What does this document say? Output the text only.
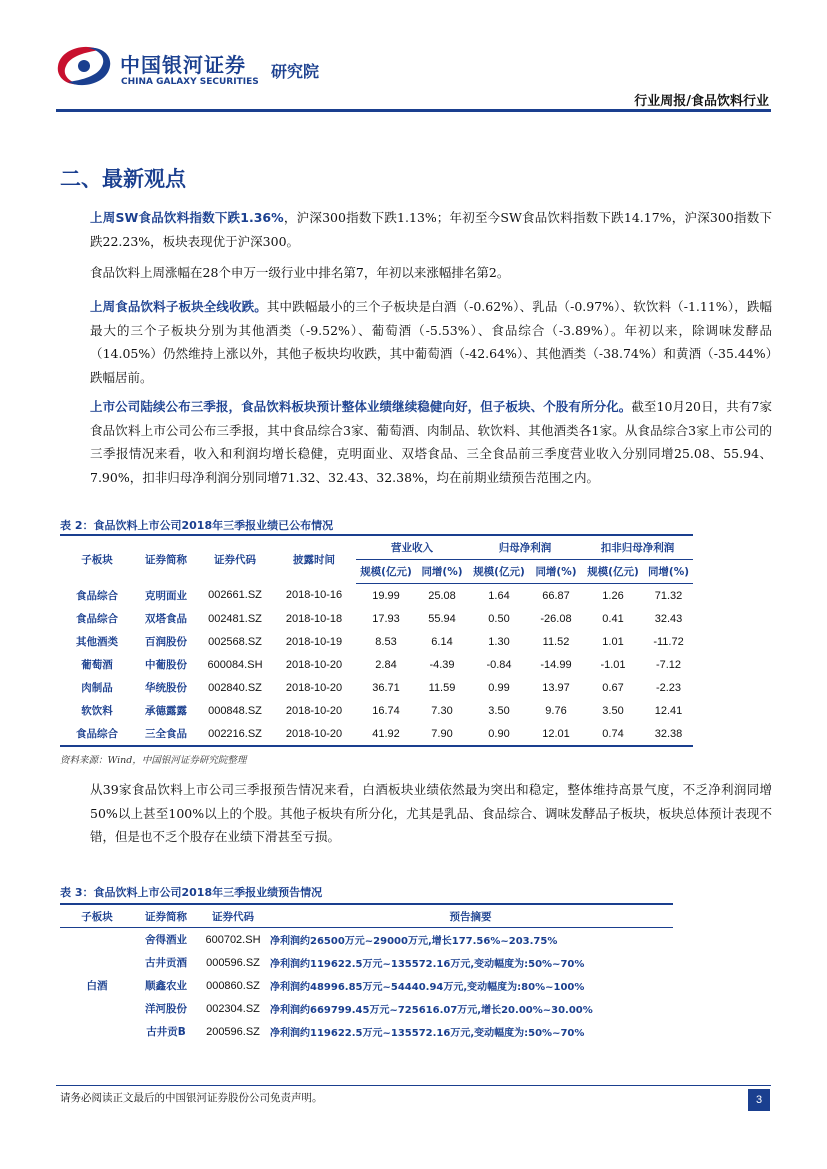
中国银河证券
CHINA GALAXY SECURITIES
研究院
行业周报/食品饮料行业
二、最新观点
上周SW食品饮料指数下跌1.36%，沪深300指数下跌1.13%；年初至今SW食品饮料指数下跌14.17%，沪深300指数下跌22.23%，板块表现优于沪深300。
食品饮料上周涨幅在28个申万一级行业中排名第7，年初以来涨幅排名第2。
上周食品饮料子板块全线收跌。其中跌幅最小的三个子板块是白酒（-0.62%）、乳品（-0.97%）、软饮料（-1.11%），跌幅最大的三个子板块分别为其他酒类（-9.52%）、葡萄酒（-5.53%）、食品综合（-3.89%）。年初以来，除调味发酵品（14.05%）仍然维持上涨以外，其他子板块均收跌，其中葡萄酒（-42.64%）、其他酒类（-38.74%）和黄酒（-35.44%）跌幅居前。
上市公司陆续公布三季报，食品饮料板块预计整体业绩继续稳健向好，但子板块、个股有所分化。截至10月20日，共有7家食品饮料上市公司公布三季报，其中食品综合3家、葡萄酒、肉制品、软饮料、其他酒类各1家。从食品综合3家上市公司的三季报情况来看，收入和利润均增长稳健，克明面业、双塔食品、三全食品前三季度营业收入分别同增25.08、55.94、7.90%，扣非归母净利润分别同增71.32、32.43、32.38%，均在前期业绩预告范围之内。
表 2：食品饮料上市公司2018年三季报业绩已公布情况
子板块	证券简称	证券代码	披露时间	营业收入		归母净利润		扣非归母净利润	
				规模(亿元)	同增(%)	规模(亿元)	同增(%)	规模(亿元)	同增(%)
食品综合	克明面业	002661.SZ	2018-10-16	19.99	25.08	1.64	66.87	1.26	71.32
食品综合	双塔食品	002481.SZ	2018-10-18	17.93	55.94	0.50	-26.08	0.41	32.43
其他酒类	百润股份	002568.SZ	2018-10-19	8.53	6.14	1.30	11.52	1.01	-11.72
葡萄酒	中葡股份	600084.SH	2018-10-20	2.84	-4.39	-0.84	-14.99	-1.01	-7.12
肉制品	华统股份	002840.SZ	2018-10-20	36.71	11.59	0.99	13.97	0.67	-2.23
软饮料	承德露露	000848.SZ	2018-10-20	16.74	7.30	3.50	9.76	3.50	12.41
食品综合	三全食品	002216.SZ	2018-10-20	41.92	7.90	0.90	12.01	0.74	32.38
资料来源：Wind，中国银河证券研究院整理
从39家食品饮料上市公司三季报预告情况来看，白酒板块业绩依然最为突出和稳定，整体维持高景气度，不乏净利润同增50%以上甚至100%以上的个股。其他子板块有所分化，尤其是乳品、食品综合、调味发酵品子板块，板块总体预计表现不错，但是也不乏个股存在业绩下滑甚至亏损。
表 3：食品饮料上市公司2018年三季报业绩预告情况
子板块	证券简称	证券代码	预告摘要
白酒	舍得酒业	600702.SH	净利润约26500万元~29000万元,增长177.56%~203.75%
	古井贡酒	000596.SZ	净利润约119622.5万元~135572.16万元,变动幅度为:50%~70%
	顺鑫农业	000860.SZ	净利润约48996.85万元~54440.94万元,变动幅度为:80%~100%
	洋河股份	002304.SZ	净利润约669799.45万元~725616.07万元,增长20.00%~30.00%
	古井贡B	200596.SZ	净利润约119622.5万元~135572.16万元,变动幅度为:50%~70%
请务必阅读正文最后的中国银河证券股份公司免责声明。	3
